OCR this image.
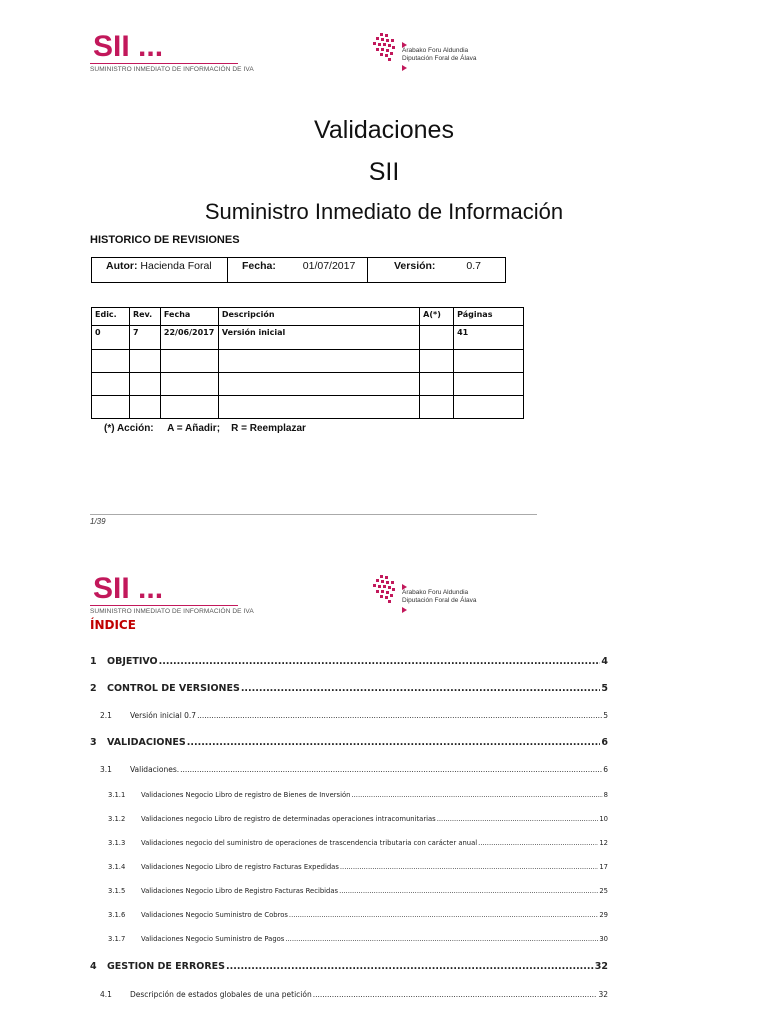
SII ...
SUMINISTRO INMEDIATO DE INFORMACIÓN DE IVA
Arabako Foru Aldundia
Diputación Foral de Álava
Validaciones
SII
Suministro Inmediato de Información
HISTORICO DE REVISIONES
Autor: Hacienda Foral	Fecha:	01/07/2017	Versión:	0.7
Edic.	Rev.	Fecha	Descripción	A(*)	Páginas
0	7	22/06/2017	Versión inicial		41

(*) Acción:     A = Añadir;    R = Reemplazar
1/39
SII ...
SUMINISTRO INMEDIATO DE INFORMACIÓN DE IVA
Arabako Foru Aldundia
Diputación Foral de Álava
ÍNDICE
1	OBJETIVO .....	4
2	CONTROL DE VERSIONES .....	5
2.1	Versión inicial 0.7 .....	5
3	VALIDACIONES .....	6
3.1	Validaciones. .....	6
3.1.1	Validaciones Negocio Libro de registro de Bienes de Inversión .....	8
3.1.2	Validaciones negocio Libro de registro de determinadas operaciones intracomunitarias .....	10
3.1.3	Validaciones negocio del suministro de operaciones de trascendencia tributaria con carácter anual .....	12
3.1.4	Validaciones Negocio Libro de registro Facturas Expedidas .....	17
3.1.5	Validaciones Negocio Libro de Registro Facturas Recibidas .....	25
3.1.6	Validaciones Negocio Suministro de Cobros .....	29
3.1.7	Validaciones Negocio Suministro de Pagos .....	30
4	GESTION DE ERRORES .....	32
4.1	Descripción de estados globales de una petición .....	32
